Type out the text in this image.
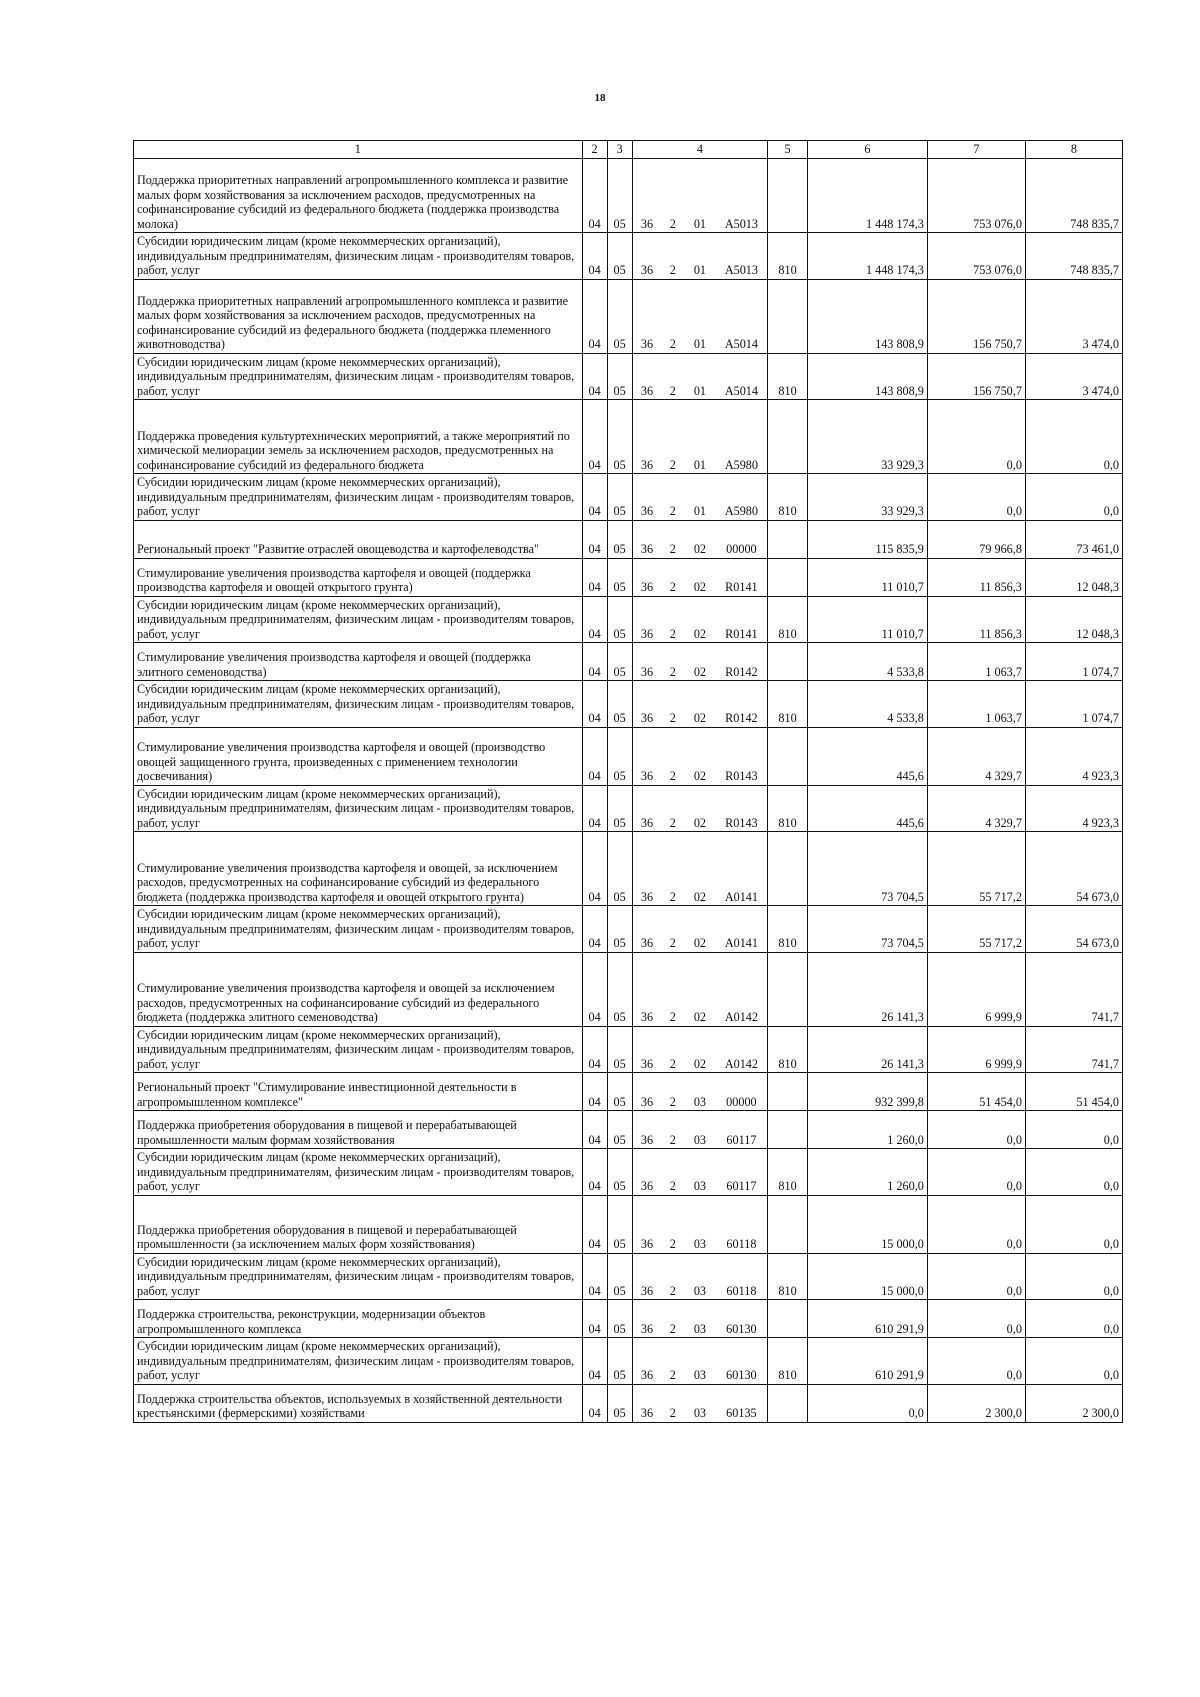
18
1	2	3	4				5	6	7	8
Поддержка приоритетных направлений агропромышленного комплекса и развитие малых форм хозяйствования за исключением расходов, предусмотренных на софинансирование субсидий из федерального бюджета (поддержка производства молока)	04	05	36	2	01	А5013		1 448 174,3	753 076,0	748 835,7
Субсидии юридическим лицам (кроме некоммерческих организаций), индивидуальным предпринимателям, физическим лицам - производителям товаров, работ, услуг	04	05	36	2	01	А5013	810	1 448 174,3	753 076,0	748 835,7
Поддержка приоритетных направлений агропромышленного комплекса и развитие малых форм хозяйствования за исключением расходов, предусмотренных на софинансирование субсидий из федерального бюджета (поддержка племенного животноводства)	04	05	36	2	01	А5014		143 808,9	156 750,7	3 474,0
Субсидии юридическим лицам (кроме некоммерческих организаций), индивидуальным предпринимателям, физическим лицам - производителям товаров, работ, услуг	04	05	36	2	01	А5014	810	143 808,9	156 750,7	3 474,0
Поддержка проведения культуртехнических мероприятий, а также мероприятий по химической мелиорации земель за исключением расходов, предусмотренных на софинансирование субсидий из федерального бюджета	04	05	36	2	01	А5980		33 929,3	0,0	0,0
Субсидии юридическим лицам (кроме некоммерческих организаций), индивидуальным предпринимателям, физическим лицам - производителям товаров, работ, услуг	04	05	36	2	01	А5980	810	33 929,3	0,0	0,0
Региональный проект "Развитие отраслей овощеводства и картофелеводства"	04	05	36	2	02	00000		115 835,9	79 966,8	73 461,0
Стимулирование увеличения производства картофеля и овощей (поддержка производства картофеля и овощей открытого грунта)	04	05	36	2	02	R0141		11 010,7	11 856,3	12 048,3
Субсидии юридическим лицам (кроме некоммерческих организаций), индивидуальным предпринимателям, физическим лицам - производителям товаров, работ, услуг	04	05	36	2	02	R0141	810	11 010,7	11 856,3	12 048,3
Стимулирование увеличения производства картофеля и овощей (поддержка элитного семеноводства)	04	05	36	2	02	R0142		4 533,8	1 063,7	1 074,7
Субсидии юридическим лицам (кроме некоммерческих организаций), индивидуальным предпринимателям, физическим лицам - производителям товаров, работ, услуг	04	05	36	2	02	R0142	810	4 533,8	1 063,7	1 074,7
Стимулирование увеличения производства картофеля и овощей (производство овощей защищенного грунта, произведенных с применением технологии досвечивания)	04	05	36	2	02	R0143		445,6	4 329,7	4 923,3
Субсидии юридическим лицам (кроме некоммерческих организаций), индивидуальным предпринимателям, физическим лицам - производителям товаров, работ, услуг	04	05	36	2	02	R0143	810	445,6	4 329,7	4 923,3
Стимулирование увеличения производства картофеля и овощей, за исключением расходов, предусмотренных на софинансирование субсидий из федерального бюджета (поддержка производства картофеля и овощей открытого грунта)	04	05	36	2	02	А0141		73 704,5	55 717,2	54 673,0
Субсидии юридическим лицам (кроме некоммерческих организаций), индивидуальным предпринимателям, физическим лицам - производителям товаров, работ, услуг	04	05	36	2	02	А0141	810	73 704,5	55 717,2	54 673,0
Стимулирование увеличения производства картофеля и овощей за исключением расходов, предусмотренных на софинансирование субсидий из федерального бюджета (поддержка элитного семеноводства)	04	05	36	2	02	А0142		26 141,3	6 999,9	741,7
Субсидии юридическим лицам (кроме некоммерческих организаций), индивидуальным предпринимателям, физическим лицам - производителям товаров, работ, услуг	04	05	36	2	02	А0142	810	26 141,3	6 999,9	741,7
Региональный проект "Стимулирование инвестиционной деятельности в агропромышленном комплексе"	04	05	36	2	03	00000		932 399,8	51 454,0	51 454,0
Поддержка приобретения оборудования в пищевой и перерабатывающей промышленности малым формам хозяйствования	04	05	36	2	03	60117		1 260,0	0,0	0,0
Субсидии юридическим лицам (кроме некоммерческих организаций), индивидуальным предпринимателям, физическим лицам - производителям товаров, работ, услуг	04	05	36	2	03	60117	810	1 260,0	0,0	0,0
Поддержка приобретения оборудования в пищевой и перерабатывающей промышленности (за исключением малых форм хозяйствования)	04	05	36	2	03	60118		15 000,0	0,0	0,0
Субсидии юридическим лицам (кроме некоммерческих организаций), индивидуальным предпринимателям, физическим лицам - производителям товаров, работ, услуг	04	05	36	2	03	60118	810	15 000,0	0,0	0,0
Поддержка строительства, реконструкции, модернизации объектов агропромышленного комплекса	04	05	36	2	03	60130		610 291,9	0,0	0,0
Субсидии юридическим лицам (кроме некоммерческих организаций), индивидуальным предпринимателям, физическим лицам - производителям товаров, работ, услуг	04	05	36	2	03	60130	810	610 291,9	0,0	0,0
Поддержка строительства объектов, используемых в хозяйственной деятельности крестьянскими (фермерскими) хозяйствами	04	05	36	2	03	60135		0,0	2 300,0	2 300,0
